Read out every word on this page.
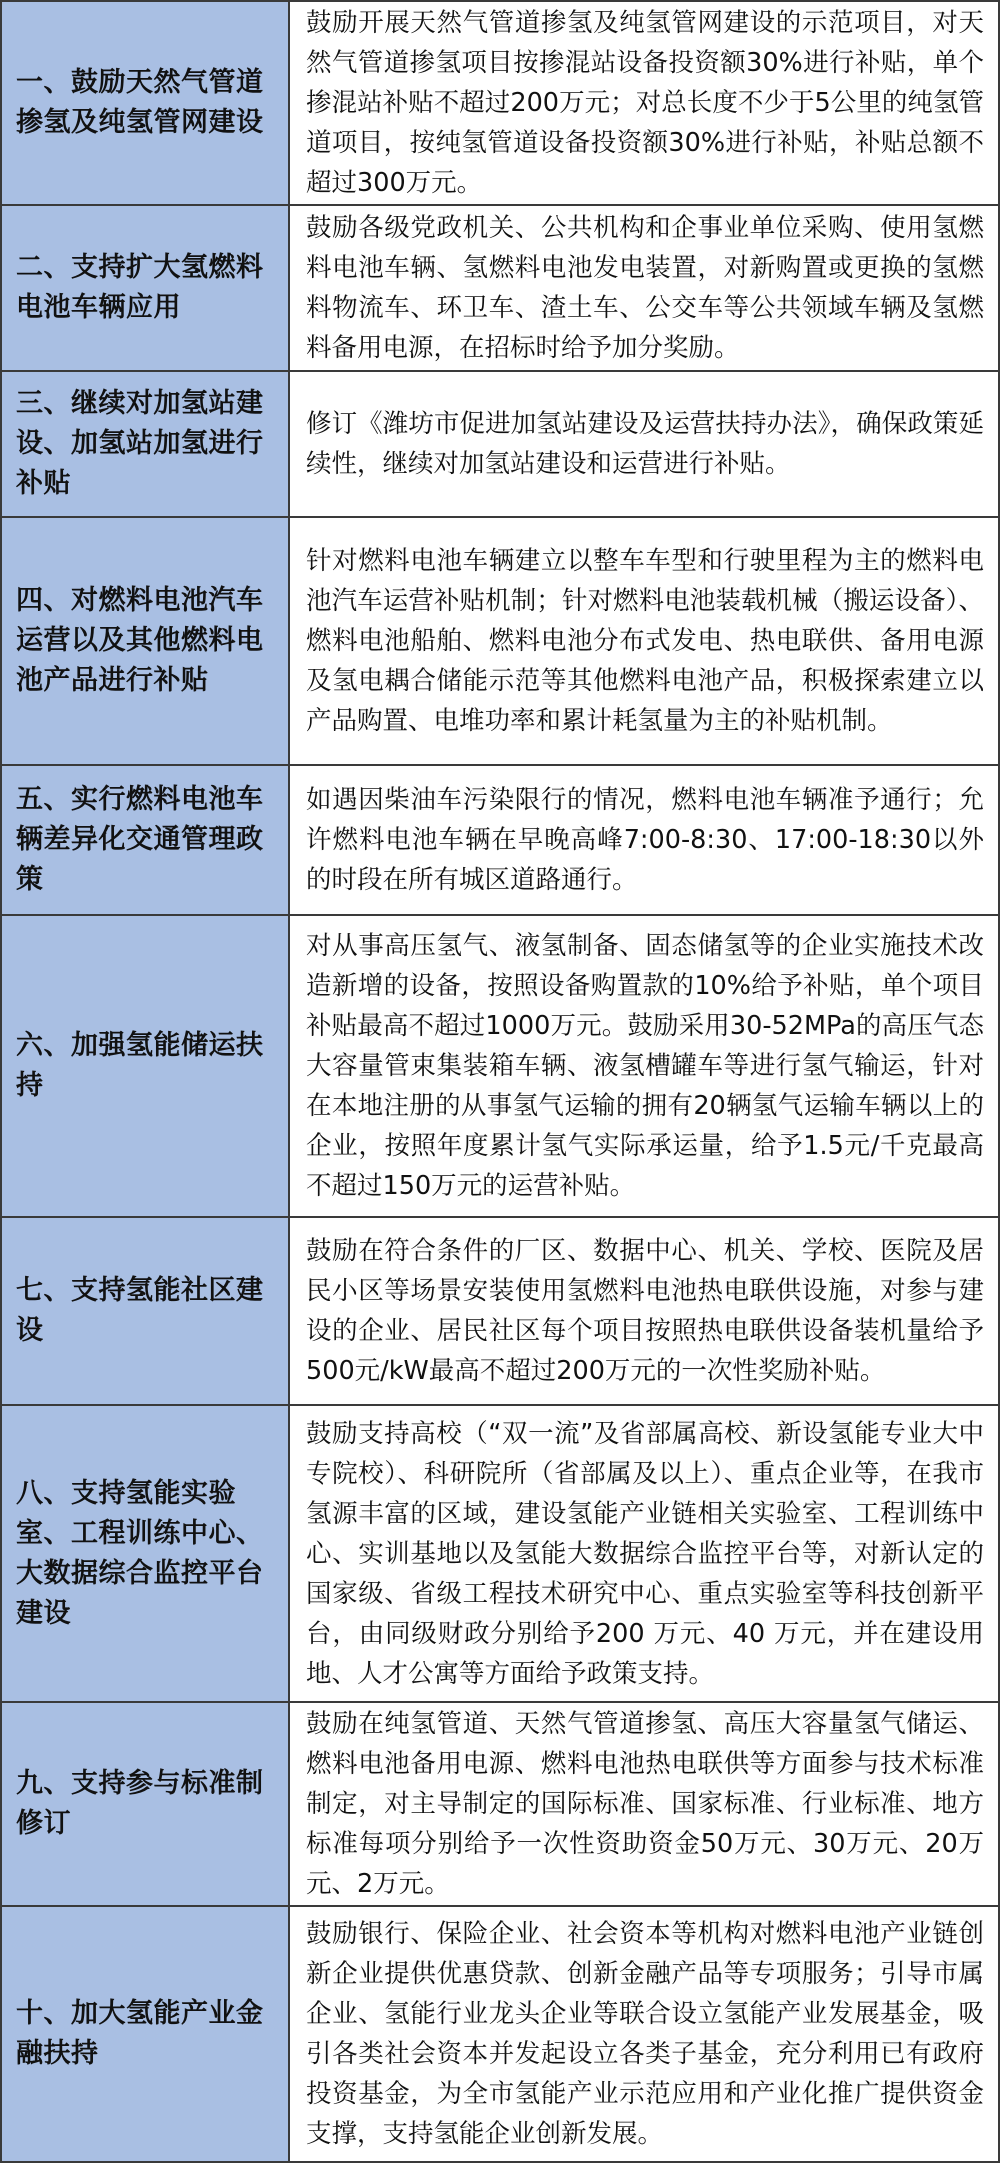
一、鼓励天然气管道掺氢及纯氢管网建设	鼓励开展天然气管道掺氢及纯氢管网建设的示范项目，对天然气管道掺氢项目按掺混站设备投资额30%进行补贴，单个掺混站补贴不超过200万元；对总长度不少于5公里的纯氢管道项目，按纯氢管道设备投资额30%进行补贴，补贴总额不超过300万元。
二、支持扩大氢燃料电池车辆应用	鼓励各级党政机关、公共机构和企事业单位采购、使用氢燃料电池车辆、氢燃料电池发电装置，对新购置或更换的氢燃料物流车、环卫车、渣土车、公交车等公共领域车辆及氢燃料备用电源，在招标时给予加分奖励。
三、继续对加氢站建设、加氢站加氢进行补贴	修订《潍坊市促进加氢站建设及运营扶持办法》，确保政策延续性，继续对加氢站建设和运营进行补贴。
四、对燃料电池汽车运营以及其他燃料电池产品进行补贴	针对燃料电池车辆建立以整车车型和行驶里程为主的燃料电池汽车运营补贴机制；针对燃料电池装载机械（搬运设备）、燃料电池船舶、燃料电池分布式发电、热电联供、备用电源及氢电耦合储能示范等其他燃料电池产品，积极探索建立以产品购置、电堆功率和累计耗氢量为主的补贴机制。
五、实行燃料电池车辆差异化交通管理政策	如遇因柴油车污染限行的情况，燃料电池车辆准予通行；允许燃料电池车辆在早晚高峰7:00-8:30、17:00-18:30以外的时段在所有城区道路通行。
六、加强氢能储运扶持	对从事高压氢气、液氢制备、固态储氢等的企业实施技术改造新增的设备，按照设备购置款的10%给予补贴，单个项目补贴最高不超过1000万元。鼓励采用30-52MPa的高压气态大容量管束集装箱车辆、液氢槽罐车等进行氢气输运，针对在本地注册的从事氢气运输的拥有20辆氢气运输车辆以上的企业，按照年度累计氢气实际承运量，给予1.5元/千克最高不超过150万元的运营补贴。
七、支持氢能社区建设	鼓励在符合条件的厂区、数据中心、机关、学校、医院及居民小区等场景安装使用氢燃料电池热电联供设施，对参与建设的企业、居民社区每个项目按照热电联供设备装机量给予500元/kW最高不超过200万元的一次性奖励补贴。
八、支持氢能实验室、工程训练中心、大数据综合监控平台建设	鼓励支持高校（“双一流”及省部属高校、新设氢能专业大中专院校）、科研院所（省部属及以上）、重点企业等，在我市氢源丰富的区域，建设氢能产业链相关实验室、工程训练中心、实训基地以及氢能大数据综合监控平台等，对新认定的国家级、省级工程技术研究中心、重点实验室等科技创新平台，由同级财政分别给予200 万元、40 万元，并在建设用地、人才公寓等方面给予政策支持。
九、支持参与标准制修订	鼓励在纯氢管道、天然气管道掺氢、高压大容量氢气储运、燃料电池备用电源、燃料电池热电联供等方面参与技术标准制定，对主导制定的国际标准、国家标准、行业标准、地方标准每项分别给予一次性资助资金50万元、30万元、20万元、2万元。
十、加大氢能产业金融扶持	鼓励银行、保险企业、社会资本等机构对燃料电池产业链创新企业提供优惠贷款、创新金融产品等专项服务；引导市属企业、氢能行业龙头企业等联合设立氢能产业发展基金，吸引各类社会资本并发起设立各类子基金，充分利用已有政府投资基金，为全市氢能产业示范应用和产业化推广提供资金支撑，支持氢能企业创新发展。
